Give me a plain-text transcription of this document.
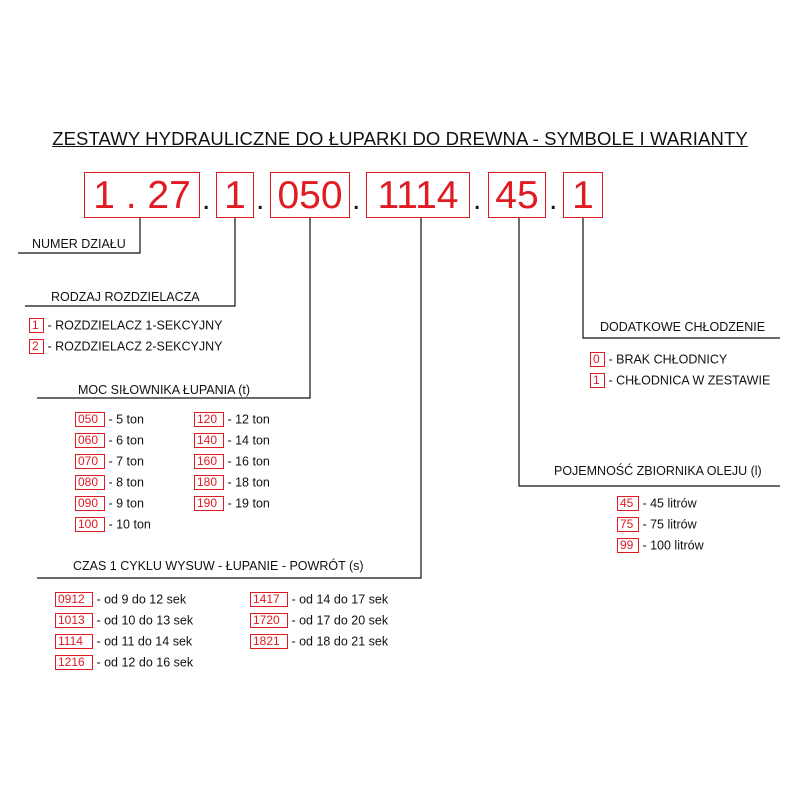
ZESTAWY HYDRAULICZNE DO ŁUPARKI DO DREWNA - SYMBOLE I WARIANTY
1 . 27 . 1 . 050 . 1114 . 45 . 1
NUMER DZIAŁU
RODZAJ ROZDZIELACZA
MOC SIŁOWNIKA ŁUPANIA (t)
CZAS 1 CYKLU WYSUW - ŁUPANIE - POWRÓT (s)
POJEMNOŚĆ ZBIORNIKA OLEJU (l)
DODATKOWE CHŁODZENIE
1 - ROZDZIELACZ 1-SEKCYJNY
2 - ROZDZIELACZ 2-SEKCYJNY
050 - 5 ton
060 - 6 ton
070 - 7 ton
080 - 8 ton
090 - 9 ton
100 - 10 ton
120 - 12 ton
140 - 14 ton
160 - 16 ton
180 - 18 ton
190 - 19 ton
0912 - od 9 do 12 sek
1013 - od 10 do 13 sek
1114 - od 11 do 14 sek
1216 - od 12 do 16 sek
1417 - od 14 do 17 sek
1720 - od 17 do 20 sek
1821 - od 18 do 21 sek
45 - 45 litrów
75 - 75 litrów
99 - 100 litrów
0 - BRAK CHŁODNICY
1 - CHŁODNICA W ZESTAWIE
